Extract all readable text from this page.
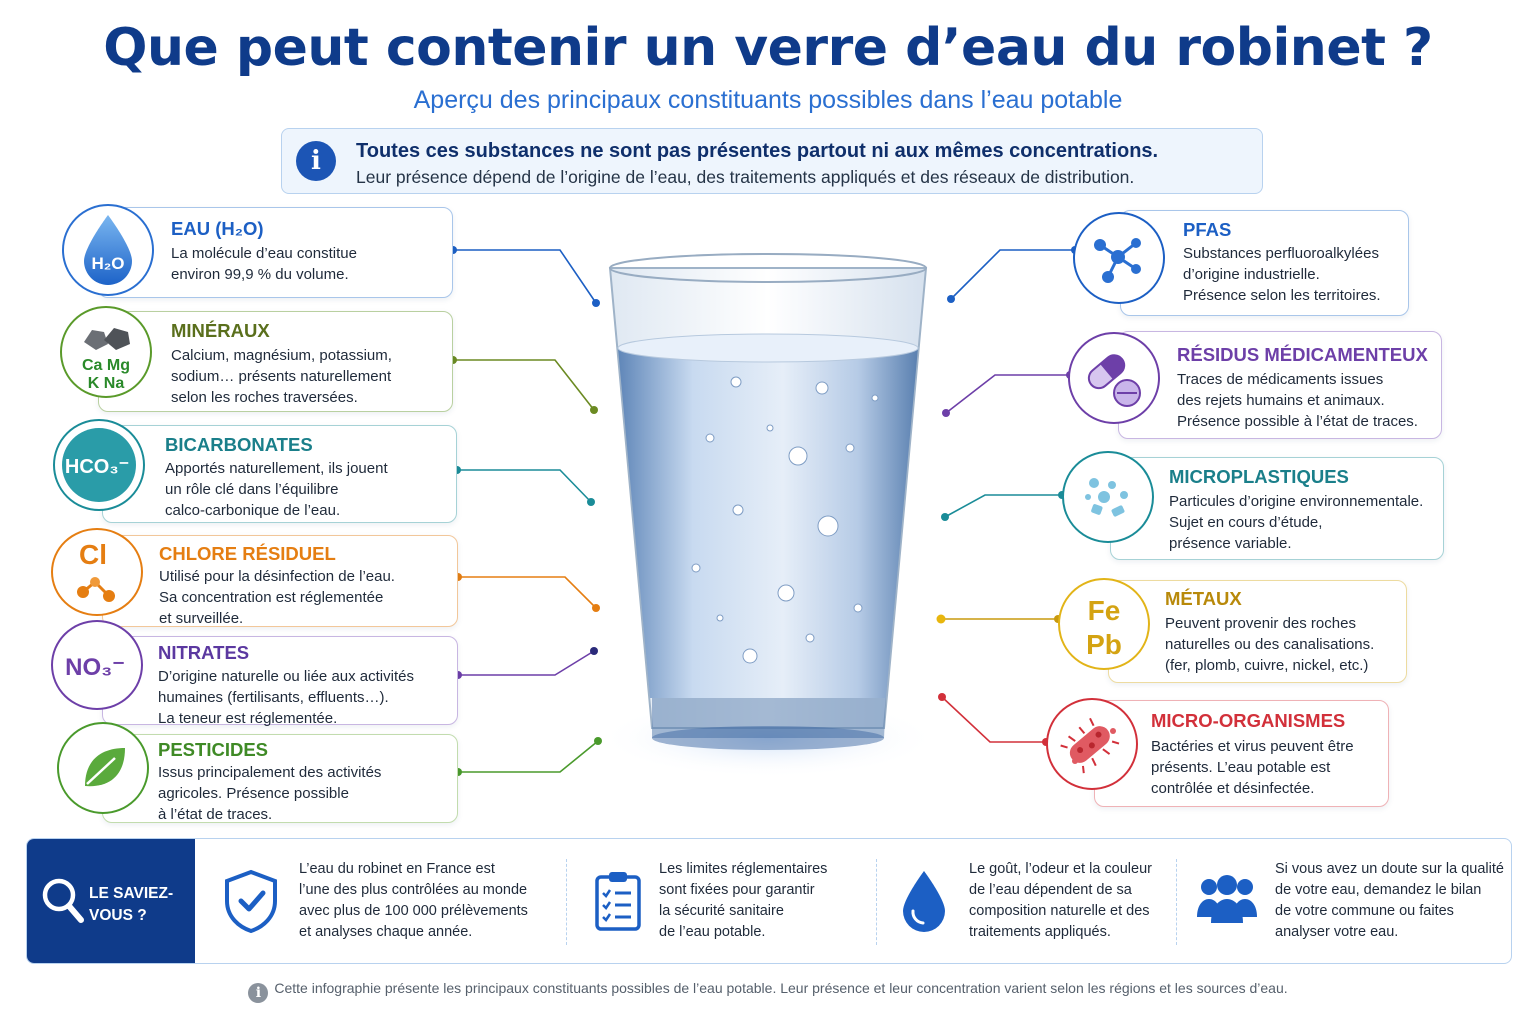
Que peut contenir un verre d’eau du robinet ?
Aperçu des principaux constituants possibles dans l’eau potable
i	Toutes ces substances ne sont pas présentes partout ni aux mêmes concentrations.
Leur présence dépend de l’origine de l’eau, des traitements appliqués et des réseaux de distribution.
EAU (H₂O)
La molécule d’eau constitue
environ 99,9 % du volume.
H₂O
MINÉRAUX
Calcium, magnésium, potassium,
sodium… présents naturellement
selon les roches traversées.
Ca Mg
K Na
BICARBONATES
Apportés naturellement, ils jouent
un rôle clé dans l’équilibre
calco-carbonique de l’eau.
HCO₃⁻
CHLORE RÉSIDUEL
Utilisé pour la désinfection de l’eau.
Sa concentration est réglementée
et surveillée.
Cl
NITRATES
D’origine naturelle ou liée aux activités
humaines (fertilisants, effluents…).
La teneur est réglementée.
NO₃⁻
PESTICIDES
Issus principalement des activités
agricoles. Présence possible
à l’état de traces.
PFAS
Substances perfluoroalkylées
d’origine industrielle.
Présence selon les territoires.
RÉSIDUS MÉDICAMENTEUX
Traces de médicaments issues
des rejets humains et animaux.
Présence possible à l’état de traces.
MICROPLASTIQUES
Particules d’origine environnementale.
Sujet en cours d’étude,
présence variable.
MÉTAUX
Peuvent provenir des roches
naturelles ou des canalisations.
(fer, plomb, cuivre, nickel, etc.)
Fe
Pb
MICRO-ORGANISMES
Bactéries et virus peuvent être
présents. L’eau potable est
contrôlée et désinfectée.
LE SAVIEZ-
VOUS ?
L’eau du robinet en France est
l’une des plus contrôlées au monde
avec plus de 100 000 prélèvements
et analyses chaque année.
Les limites réglementaires
sont fixées pour garantir
la sécurité sanitaire
de l’eau potable.
Le goût, l’odeur et la couleur
de l’eau dépendent de sa
composition naturelle et des
traitements appliqués.
Si vous avez un doute sur la qualité
de votre eau, demandez le bilan
de votre commune ou faites
analyser votre eau.
i Cette infographie présente les principaux constituants possibles de l’eau potable. Leur présence et leur concentration varient selon les régions et les sources d’eau.
